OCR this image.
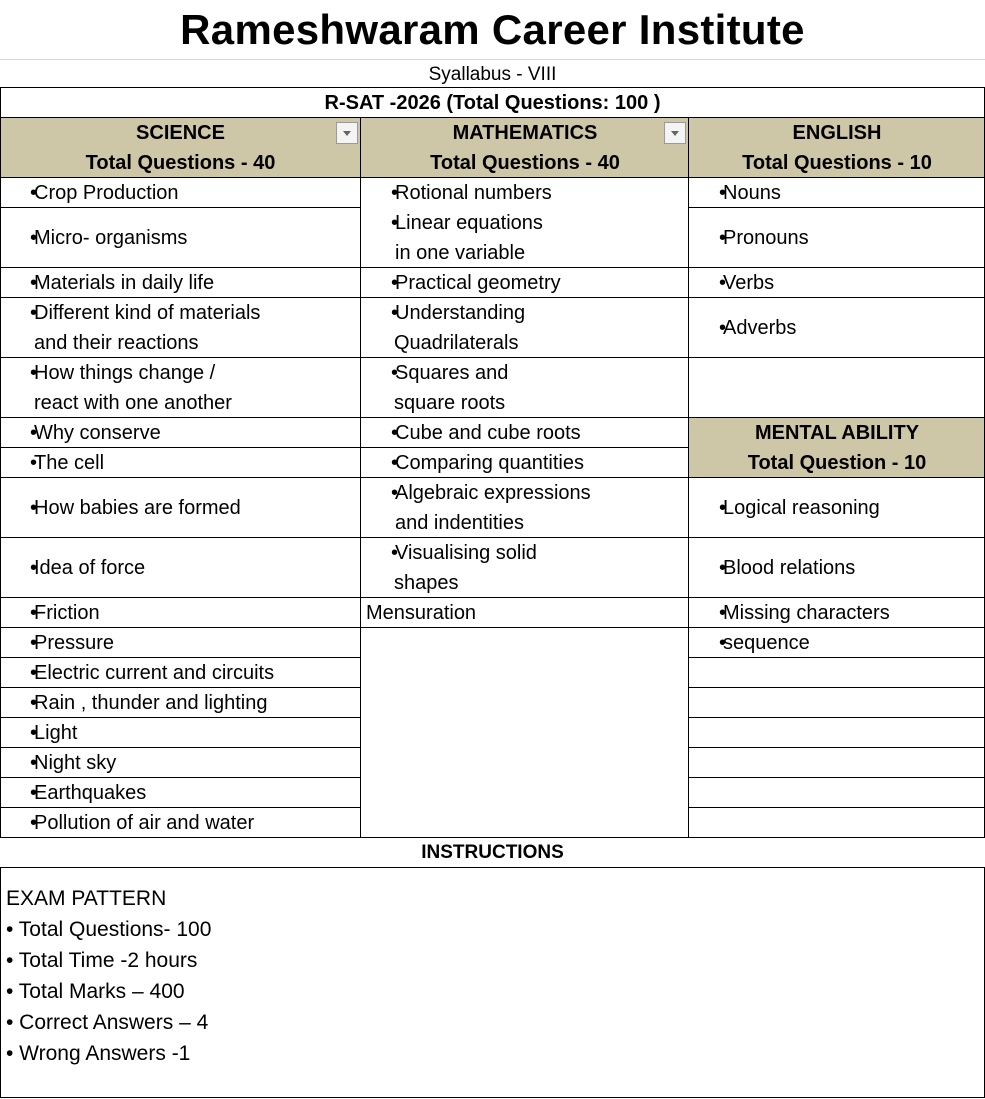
Rameshwaram Career Institute
Syallabus - VIII
R-SAT -2026 (Total Questions: 100 )
SCIENCE
Total Questions - 40
MATHEMATICS
Total Questions - 40
ENGLISH
Total Questions - 10
MENTAL ABILITY
Total Question - 10
• Crop Production
• Micro- organisms
• Materials in daily life
• Different kind of materials
and their reactions
• How things change /
react with one another
• Why conserve
• The cell
• How babies are formed
• Idea of force
• Friction
• Pressure
• Electric current and circuits
• Rain , thunder and lighting
• Light
• Night sky
• Earthquakes
• Pollution of air and water
• Rotional numbers
• Linear equations
in one variable
• Practical geometry
• Understanding
Quadrilaterals
• Squares and
square roots
• Cube and cube roots
• Comparing quantities
• Algebraic expressions
and indentities
• Visualising solid
shapes
Mensuration
• Nouns
• Pronouns
• Verbs
• Adverbs
• Logical reasoning
• Blood relations
• Missing characters
• sequence
INSTRUCTIONS
EXAM PATTERN
• Total Questions- 100
• Total Time -2 hours
• Total Marks – 400
• Correct Answers – 4
• Wrong Answers -1
